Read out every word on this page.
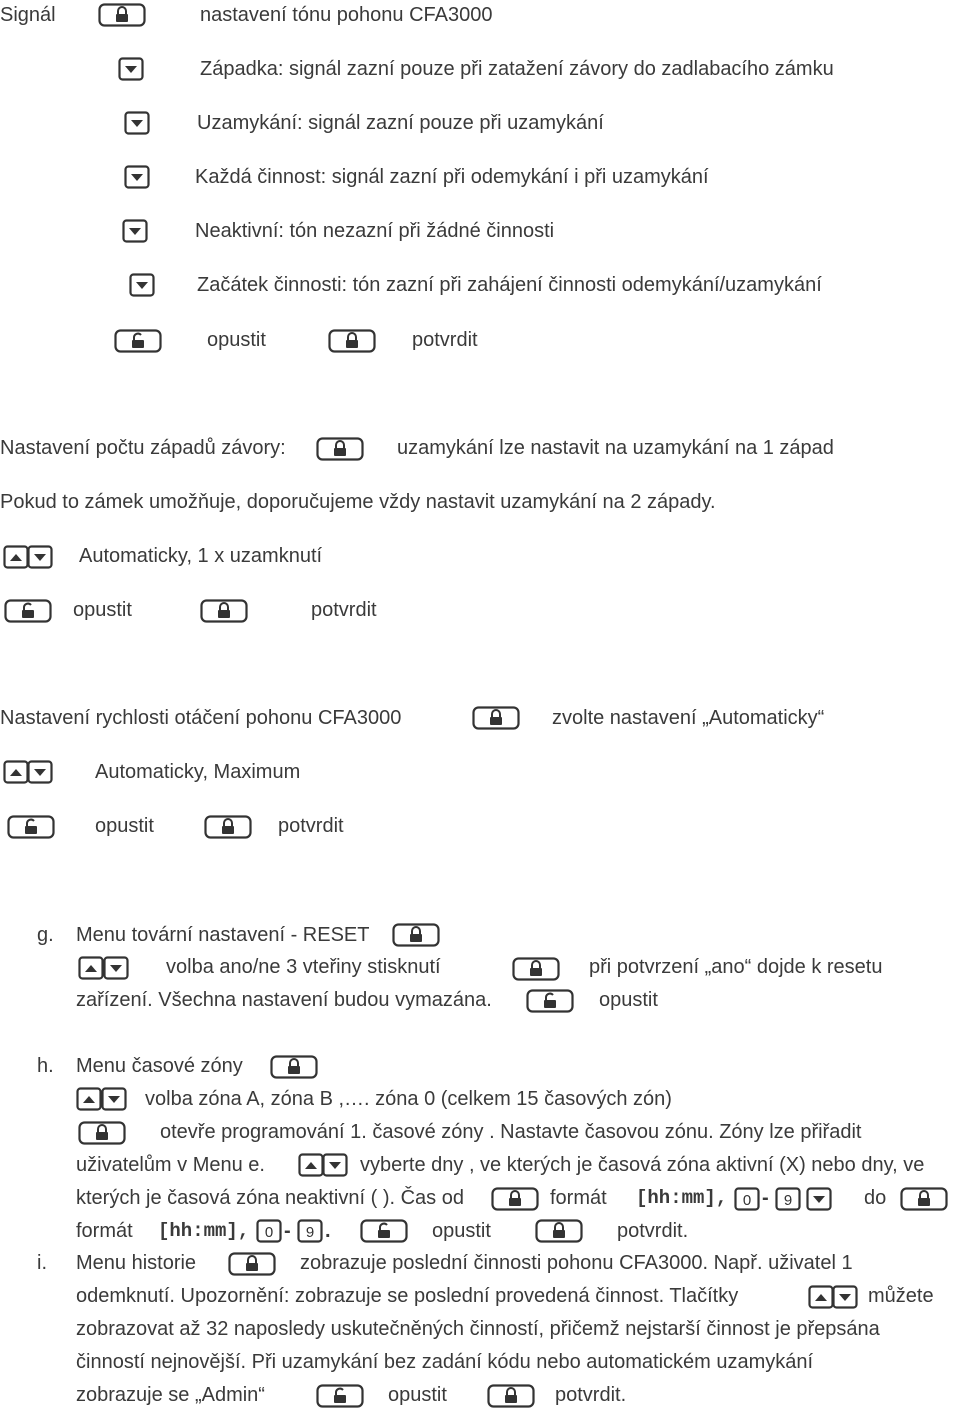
Signál	nastavení tónu pohonu CFA3000
Západka: signál zazní pouze při zatažení závory do zadlabacího zámku
Uzamykání: signál zazní pouze při uzamykání
Každá činnost: signál zazní při odemykání i při uzamykání
Neaktivní: tón nezazní při žádné činnosti
Začátek činnosti: tón zazní při zahájení činnosti odemykání/uzamykání
opustit	potvrdit
Nastavení počtu západů závory:	uzamykání lze nastavit na uzamykání na 1 západ
Pokud to zámek umožňuje, doporučujeme vždy nastavit uzamykání na 2 západy.
Automaticky, 1 x uzamknutí
opustit	potvrdit
Nastavení rychlosti otáčení pohonu CFA3000	zvolte nastavení „Automaticky“
Automaticky, Maximum
opustit	potvrdit
g. Menu tovární nastavení - RESET
volba ano/ne 3 vteřiny stisknutí	při potvrzení „ano“ dojde k resetu
zařízení. Všechna nastavení budou vymazána.	opustit
h. Menu časové zóny
volba zóna A, zóna B ,…. zóna 0 (celkem 15 časových zón)
otevře programování 1. časové zóny . Nastavte časovou zónu. Zóny lze přiřadit
uživatelům v Menu e.	vyberte dny , ve kterých je časová zóna aktivní (X) nebo dny, ve
kterých je časová zóna neaktivní ( ). Čas od	formát [hh:mm], 0 - 9	do
formát [hh:mm], 0 - 9 .	opustit	potvrdit.
i. Menu historie	zobrazuje poslední činnosti pohonu CFA3000. Např. uživatel 1
odemknutí. Upozornění: zobrazuje se poslední provedená činnost. Tlačítky	můžete
zobrazovat až 32 naposledy uskutečněných činností, přičemž nejstarší činnost je přepsána
činností nejnovější. Při uzamykání bez zadání kódu nebo automatickém uzamykání
zobrazuje se „Admin“	opustit	potvrdit.
